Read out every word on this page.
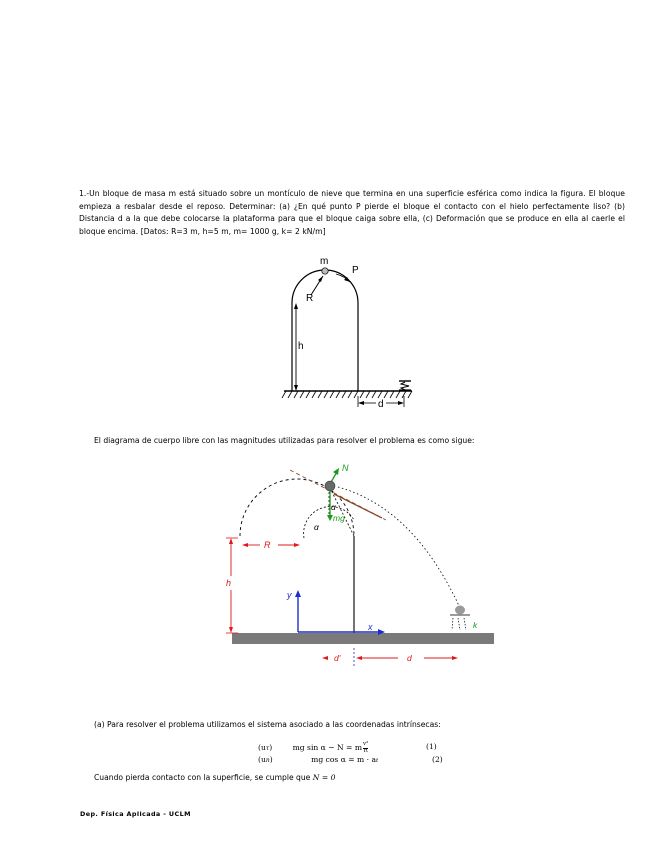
1.-Un bloque de masa m está situado sobre un montículo de nieve que termina en una superficie esférica como indica la figura. El bloque empieza a resbalar desde el reposo. Determinar: (a) ¿En qué punto P pierde el bloque el contacto con el hielo perfectamente liso? (b) Distancia d a la que debe colocarse la plataforma para que el bloque caiga sobre ella, (c) Deformación que se produce en ella al caerle el bloque encima. [Datos: R=3 m, h=5 m, m= 1000 g, k= 2 kN/m]
m
P
R
h
d
El diagrama de cuerpo libre con las magnitudes utilizadas para resolver el problema es como sigue:
N
mg
α
α
R
h
y
x
d'	d
k
(a) Para resolver el problema utilizamos el sistema asociado a las coordenadas intrínsecas:
(uτ) mg sin α − N = m $\frac{\text{v²}}{R}$	(1)
(un)	mg cos α = m · at	(2)
Cuando pierda contacto con la superficie, se cumple que N = 0
Dep. Física Aplicada - UCLM
